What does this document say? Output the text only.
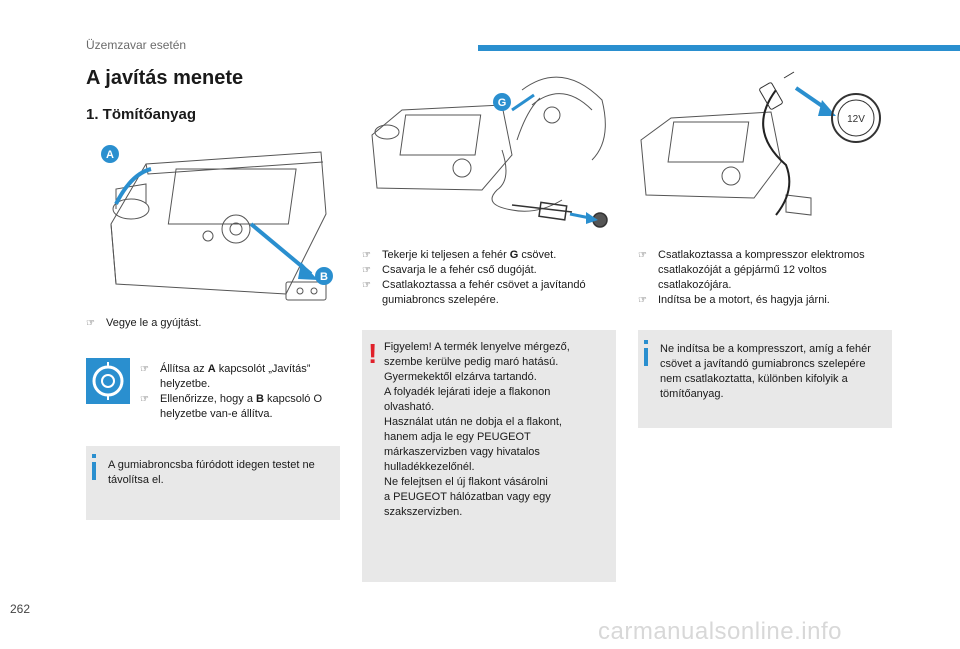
Üzemzavar esetén
A javítás menete
1. Tömítőanyag
A
B
☞ Vegye le a gyújtást.
☞ Állítsa az A kapcsolót „Javítás” helyzetbe.
☞ Ellenőrizze, hogy a B kapcsoló O helyzetbe van-e állítva.
A gumiabroncsba fúródott idegen testet ne távolítsa el.
G
☞ Tekerje ki teljesen a fehér G csövet.
☞ Csavarja le a fehér cső dugóját.
☞ Csatlakoztassa a fehér csövet a javítandó gumiabroncs szelepére.
! Figyelem! A termék lenyelve mérgező,
szembe kerülve pedig maró hatású.
Gyermekektől elzárva tartandó.
A folyadék lejárati ideje a flakonon
olvasható.
Használat után ne dobja el a flakont,
hanem adja le egy PEUGEOT
márkaszervizben vagy hivatalos
hulladékkezelőnél.
Ne felejtsen el új flakont vásárolni
a PEUGEOT hálózatban vagy egy
szakszervizben.
12V
☞ Csatlakoztassa a kompresszor elektromos csatlakozóját a gépjármű 12 voltos csatlakozójára.
☞ Indítsa be a motort, és hagyja járni.
Ne indítsa be a kompresszort, amíg a fehér csövet a javítandó gumiabroncs szelepére nem csatlakoztatta, különben kifolyik a tömítőanyag.
262
carmanualsonline.info
